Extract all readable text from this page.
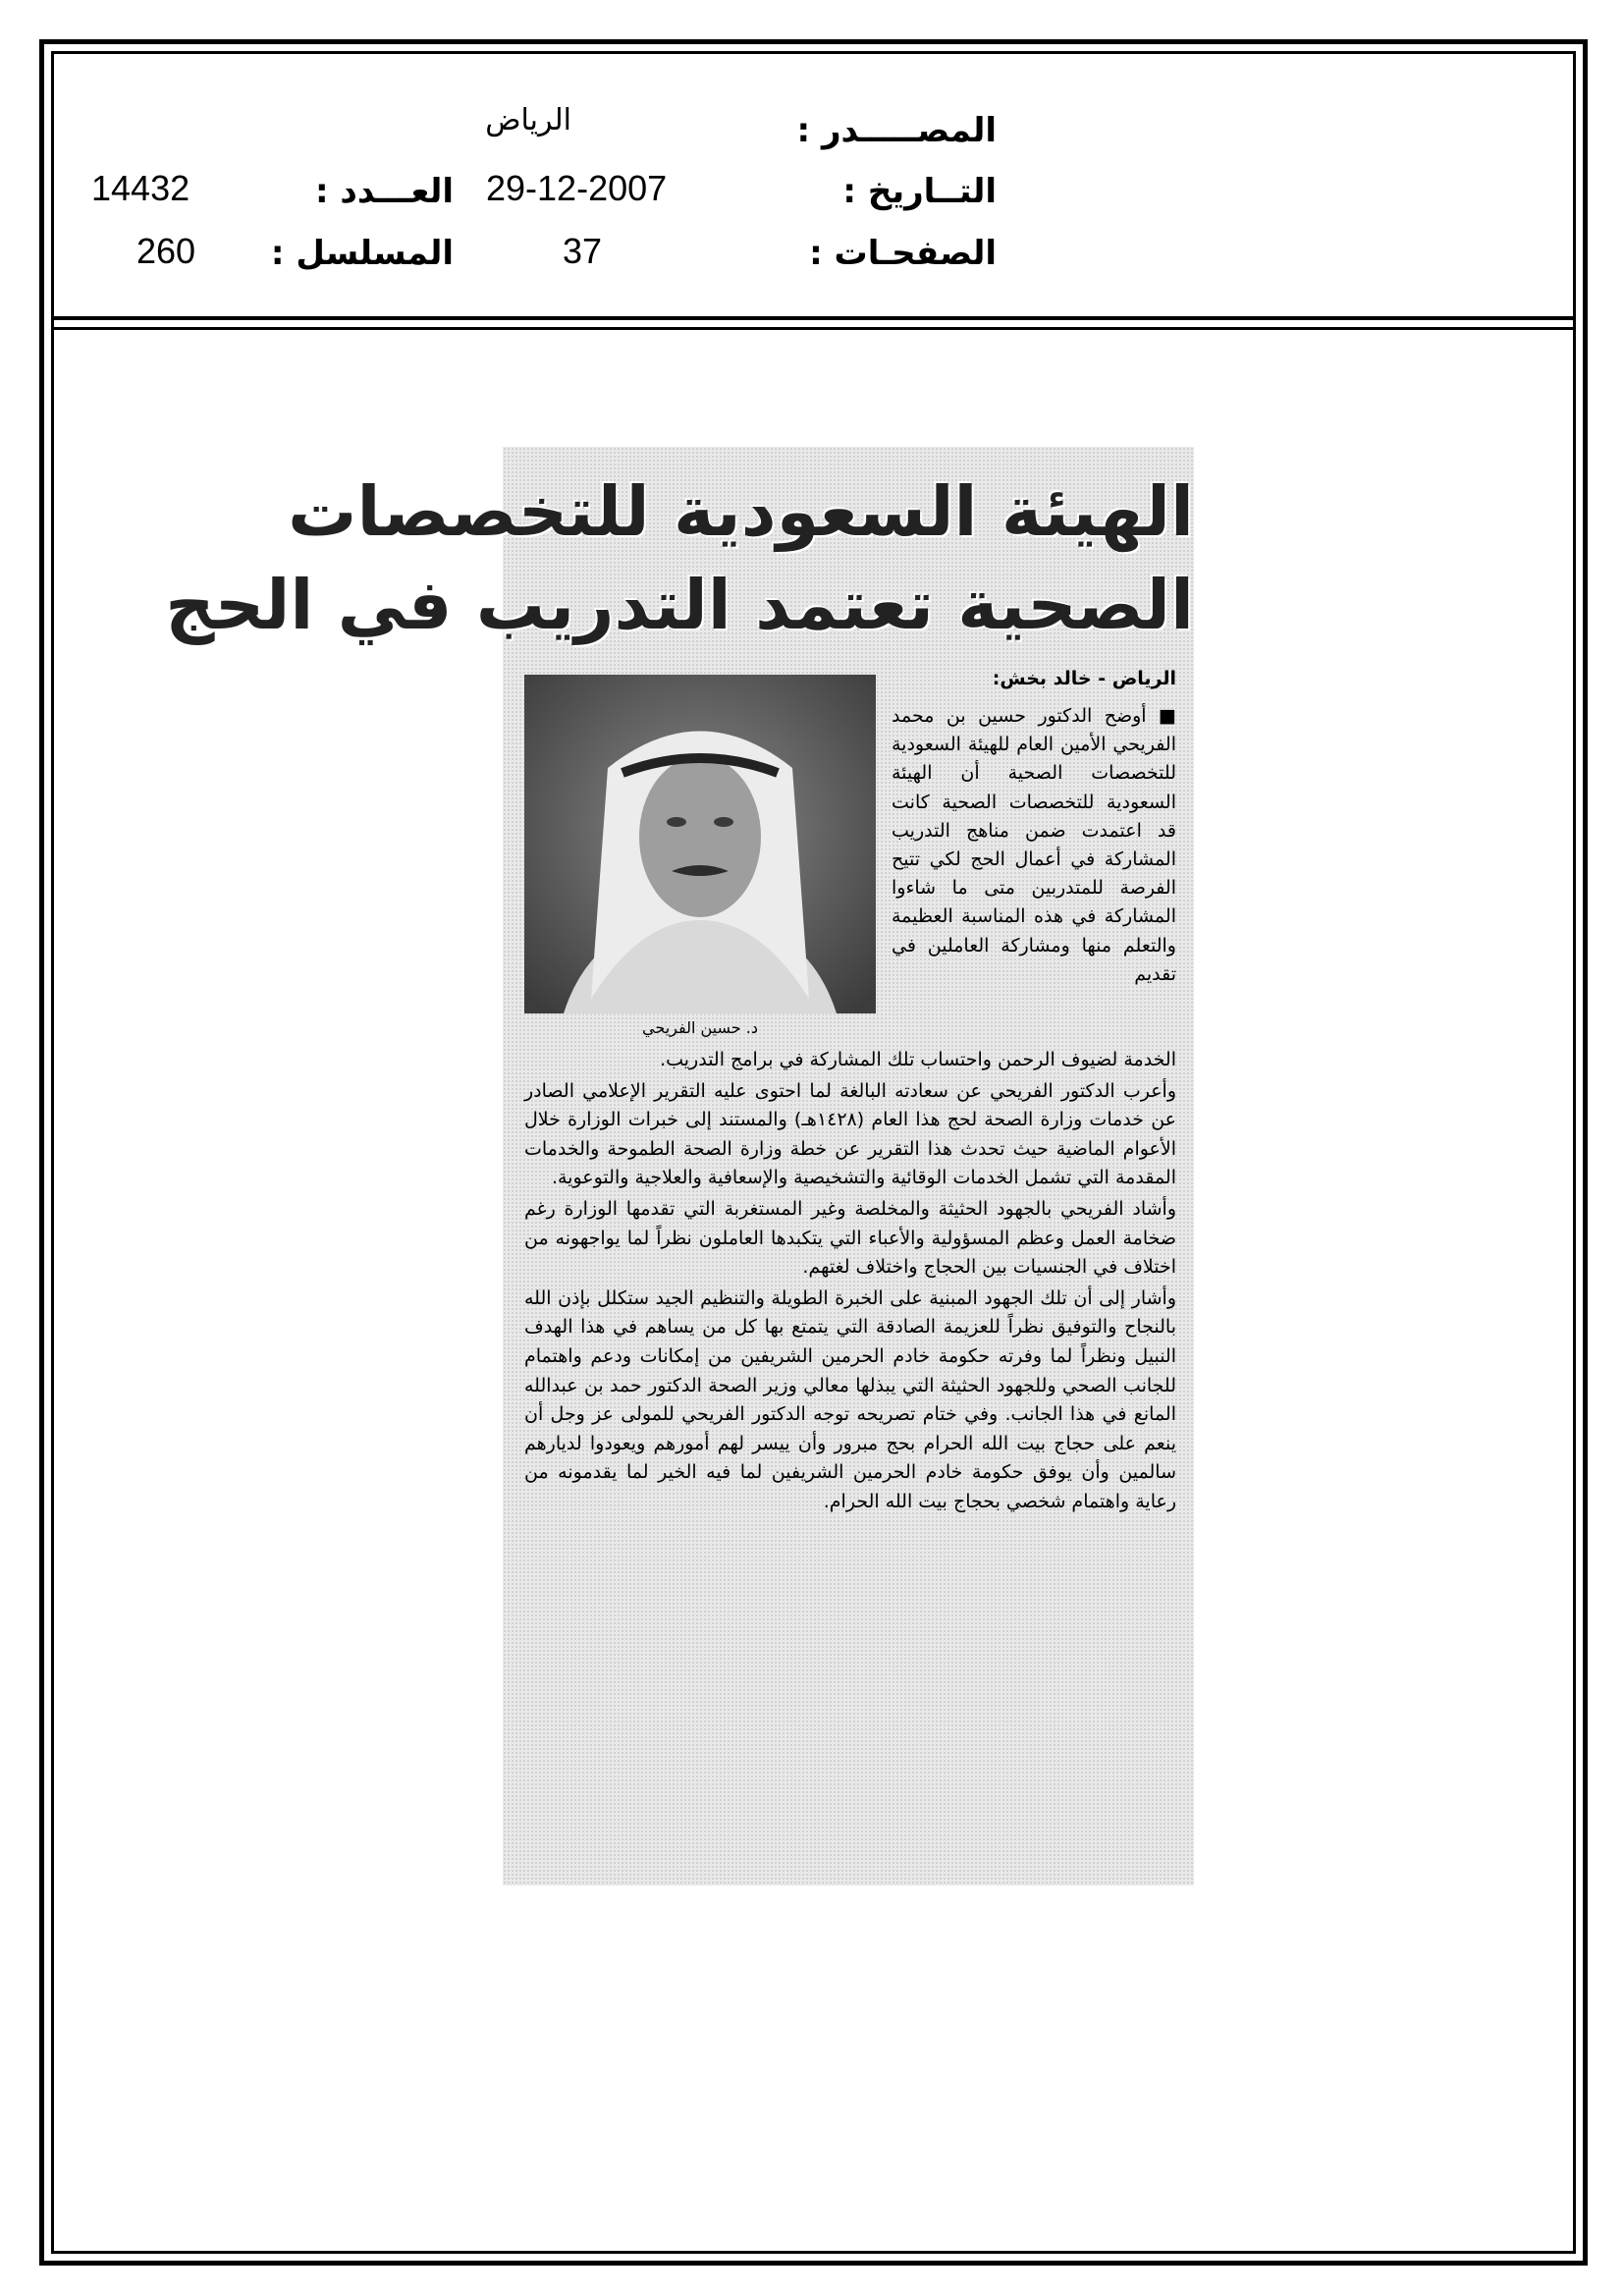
المصـــــدر :
الرياض
التــاريخ :
29-12-2007
العـــدد :
14432
الصفحـات :
37
المسلسل :
260
الهيئة السعودية للتخصصات
الصحية تعتمد التدريب في الحج
الرياض - خالد بخش:
د. حسين الفريحي

■ أوضح الدكتور حسين بن محمد الفريحي الأمين العام للهيئة السعودية للتخصصات الصحية أن الهيئة السعودية للتخصصات الصحية كانت قد اعتمدت ضمن مناهج التدريب المشاركة في أعمال الحج لكي تتيح الفرصة للمتدربين متى ما شاءوا المشاركة في هذه المناسبة العظيمة والتعلم منها ومشاركة العاملين في تقديم

الخدمة لضيوف الرحمن واحتساب تلك المشاركة في برامج التدريب.

وأعرب الدكتور الفريحي عن سعادته البالغة لما احتوى عليه التقرير الإعلامي الصادر عن خدمات وزارة الصحة لحج هذا العام (١٤٢٨هـ) والمستند إلى خبرات الوزارة خلال الأعوام الماضية حيث تحدث هذا التقرير عن خطة وزارة الصحة الطموحة والخدمات المقدمة التي تشمل الخدمات الوقائية والتشخيصية والإسعافية والعلاجية والتوعوية.

وأشاد الفريحي بالجهود الحثيثة والمخلصة وغير المستغربة التي تقدمها الوزارة رغم ضخامة العمل وعظم المسؤولية والأعباء التي يتكبدها العاملون نظراً لما يواجهونه من اختلاف في الجنسيات بين الحجاج واختلاف لغتهم.

وأشار إلى أن تلك الجهود المبنية على الخبرة الطويلة والتنظيم الجيد ستكلل بإذن الله بالنجاح والتوفيق نظراً للعزيمة الصادقة التي يتمتع بها كل من يساهم في هذا الهدف النبيل ونظراً لما وفرته حكومة خادم الحرمين الشريفين من إمكانات ودعم واهتمام للجانب الصحي وللجهود الحثيثة التي يبذلها معالي وزير الصحة الدكتور حمد بن عبدالله المانع في هذا الجانب. وفي ختام تصريحه توجه الدكتور الفريحي للمولى عز وجل أن ينعم على حجاج بيت الله الحرام بحج مبرور وأن ييسر لهم أمورهم ويعودوا لديارهم سالمين وأن يوفق حكومة خادم الحرمين الشريفين لما فيه الخير لما يقدمونه من رعاية واهتمام شخصي بحجاج بيت الله الحرام.
